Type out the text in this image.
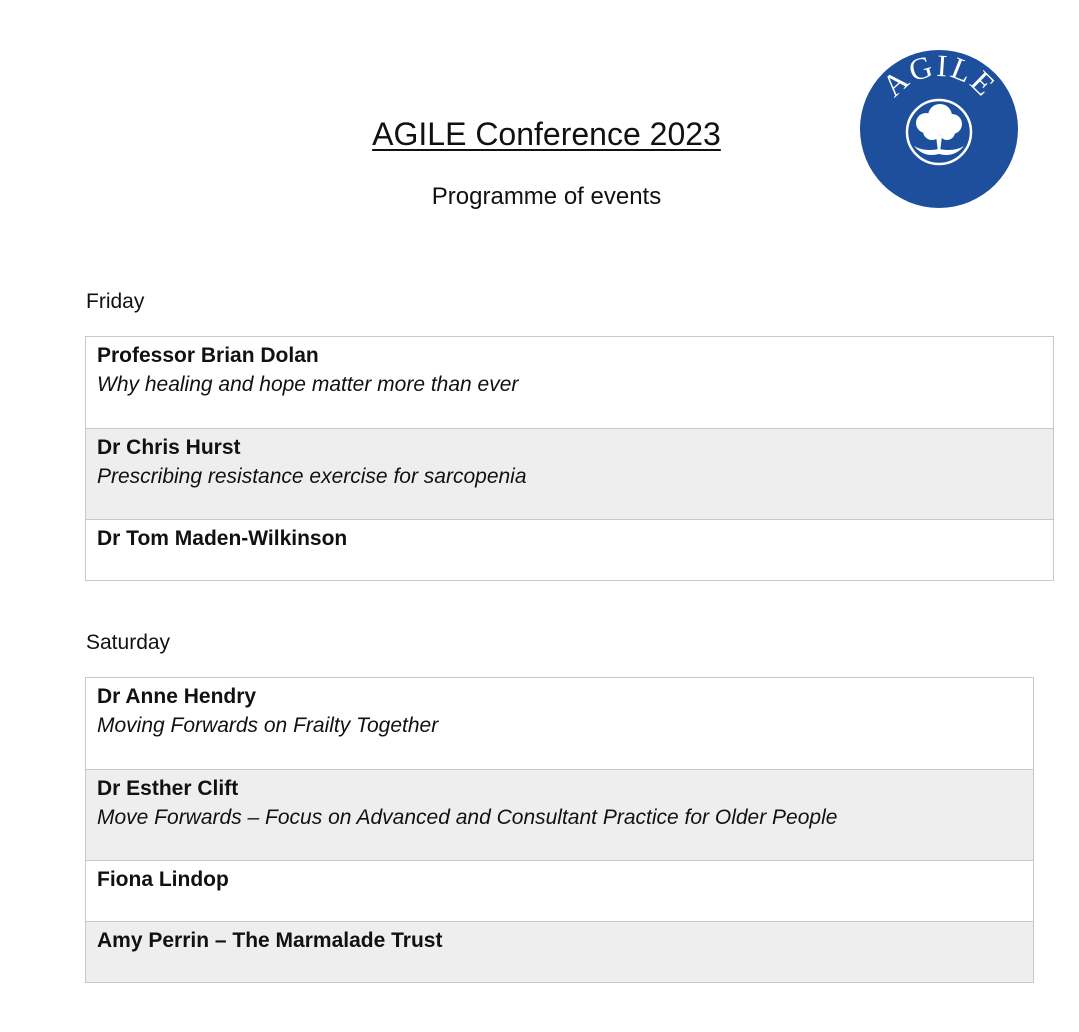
AGILE Conference 2023
Programme of events
AGILE
Friday
Professor Brian Dolan
Why healing and hope matter more than ever
Dr Chris Hurst
Prescribing resistance exercise for sarcopenia
Dr Tom Maden-Wilkinson
Saturday
Dr Anne Hendry
Moving Forwards on Frailty Together
Dr Esther Clift
Move Forwards – Focus on Advanced and Consultant Practice for Older People
Fiona Lindop
Amy Perrin – The Marmalade Trust
